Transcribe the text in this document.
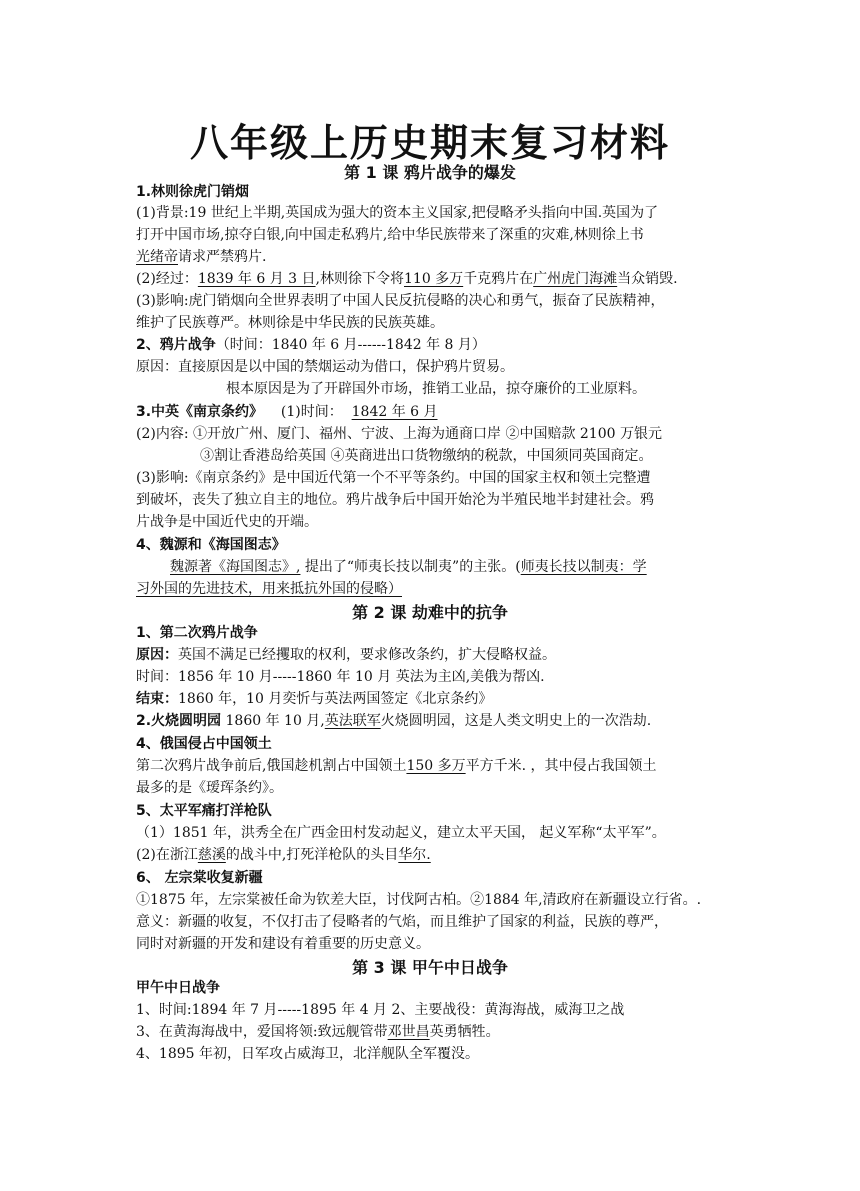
八年级上历史期末复习材料
第 1 课 鸦片战争的爆发
1.林则徐虎门销烟
(1)背景:19 世纪上半期,英国成为强大的资本主义国家,把侵略矛头指向中国.英国为了
打开中国市场,掠夺白银,向中国走私鸦片,给中华民族带来了深重的灾难,林则徐上书
光绪帝请求严禁鸦片.
(2)经过：1839 年 6 月 3 日,林则徐下令将110 多万千克鸦片在广州虎门海滩当众销毁.
(3)影响:虎门销烟向全世界表明了中国人民反抗侵略的决心和勇气，振奋了民族精神，
维护了民族尊严。林则徐是中华民族的民族英雄。
2、鸦片战争（时间：1840 年 6 月------1842 年 8 月）
原因：直接原因是以中国的禁烟运动为借口，保护鸦片贸易。
根本原因是为了开辟国外市场，推销工业品，掠夺廉价的工业原料。
3.中英《南京条约》 (1)时间： 1842 年 6 月
(2)内容: ①开放广州、厦门、福州、宁波、上海为通商口岸 ②中国赔款 2100 万银元
③割让香港岛给英国 ④英商进出口货物缴纳的税款，中国须同英国商定。
(3)影响:《南京条约》是中国近代第一个不平等条约。中国的国家主权和领土完整遭
到破坏，丧失了独立自主的地位。鸦片战争后中国开始沦为半殖民地半封建社会。鸦
片战争是中国近代史的开端。
4、魏源和《海国图志》
魏源著《海国图志》, 提出了“师夷长技以制夷”的主张。(师夷长技以制夷：学
习外国的先进技术，用来抵抗外国的侵略）
第 2 课 劫难中的抗争
1、第二次鸦片战争
原因：英国不满足已经攫取的权利，要求修改条约，扩大侵略权益。
时间：1856 年 10 月-----1860 年 10 月 英法为主凶,美俄为帮凶.
结束：1860 年，10 月奕忻与英法两国签定《北京条约》
2.火烧圆明园 1860 年 10 月,英法联军火烧圆明园，这是人类文明史上的一次浩劫.
4、俄国侵占中国领土
第二次鸦片战争前后,俄国趁机割占中国领土150 多万平方千米. ，其中侵占我国领土
最多的是《瑷珲条约》。
5、太平军痛打洋枪队
（1）1851 年，洪秀全在广西金田村发动起义，建立太平天国， 起义军称“太平军”。
(2)在浙江慈溪的战斗中,打死洋枪队的头目华尔.
6、 左宗棠收复新疆
①1875 年，左宗棠被任命为钦差大臣，讨伐阿古柏。②1884 年,清政府在新疆设立行省。.
意义：新疆的收复，不仅打击了侵略者的气焰，而且维护了国家的利益，民族的尊严，
同时对新疆的开发和建设有着重要的历史意义。
第 3 课 甲午中日战争
甲午中日战争
1、时间:1894 年 7 月-----1895 年 4 月 2、主要战役：黄海海战，威海卫之战
3、在黄海海战中，爱国将领:致远舰管带邓世昌英勇牺牲。
4、1895 年初，日军攻占威海卫，北洋舰队全军覆没。
